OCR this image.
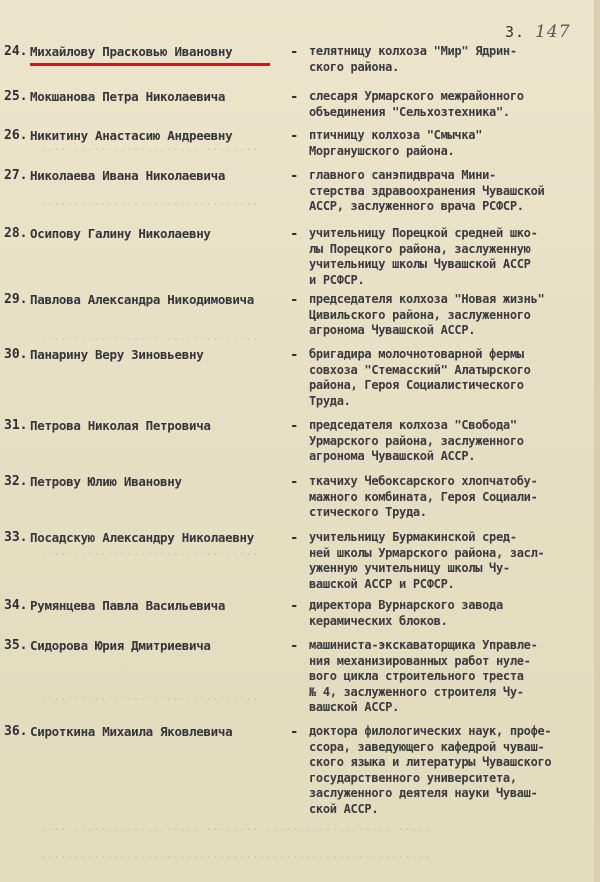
.................................
.................................
.................................
.................................
.................................
...........................................................
...........................................................
3. 147
24. Михайлову Прасковью Ивановну	- телятницу колхоза "Мир" Ядрин-
ского района.
25. Мокшанова Петра Николаевича	- слесаря Урмарского межрайонного
объединения "Сельхозтехника".
26. Никитину Анастасию Андреевну	- птичницу колхоза "Смычка"
Морганушского района.
27. Николаева Ивана Николаевича	- главного санэпидврача Мини-
стерства здравоохранения Чувашской
АССР, заслуженного врача РСФСР.
28. Осипову Галину Николаевну	- учительницу Порецкой средней шко-
лы Порецкого района, заслуженную
учительницу школы Чувашской АССР
и РСФСР.
29. Павлова Александра Никодимовича	- председателя колхоза "Новая жизнь"
Цивильского района, заслуженного
агронома Чувашской АССР.
30. Панарину Веру Зиновьевну	- бригадира молочнотоварной фермы
совхоза "Стемасский" Алатырского
района, Героя Социалистического
Труда.
31. Петрова Николая Петровича	- председателя колхоза "Свобода"
Урмарского района, заслуженного
агронома Чувашской АССР.
32. Петрову Юлию Ивановну	- ткачиху Чебоксарского хлопчатобу-
мажного комбината, Героя Социали-
стического Труда.
33. Посадскую Александру Николаевну	- учительницу Бурмакинской сред-
ней школы Урмарского района, засл-
уженную учительницу школы Чу-
вашской АССР и РСФСР.
34. Румянцева Павла Васильевича	- директора Вурнарского завода
керамических блоков.
35. Сидорова Юрия Дмитриевича	- машиниста-экскаваторщика Управле-
ния механизированных работ нуле-
вого цикла строительного треста
№ 4, заслуженного строителя Чу-
вашской АССР.
36. Сироткина Михаила Яковлевича	- доктора филологических наук, профе-
ссора, заведующего кафедрой чуваш-
ского языка и литературы Чувашского
государственного университета,
заслуженного деятеля науки Чуваш-
ской АССР.
